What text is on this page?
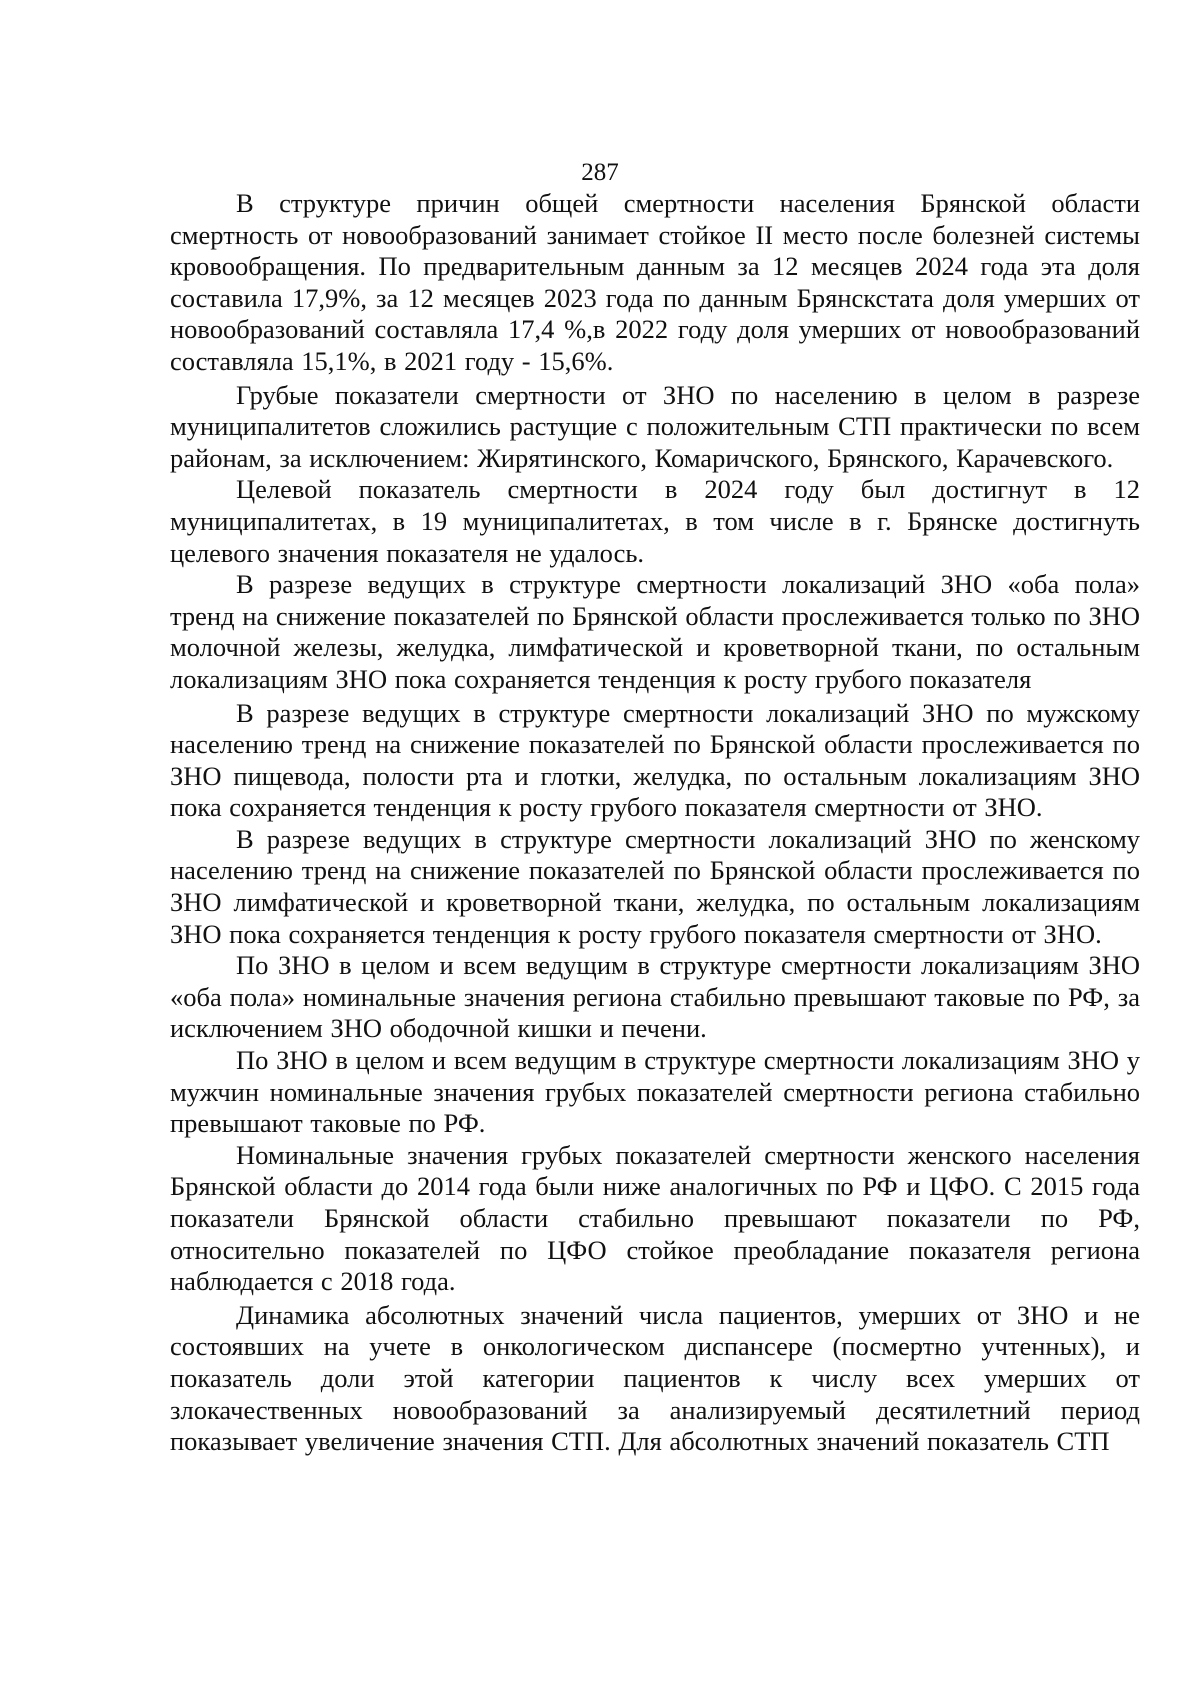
287

В структуре причин общей смертности населения Брянской области смертность от новообразований занимает стойкое II место после болезней системы кровообращения. По предварительным данным за 12 месяцев 2024 года эта доля составила 17,9%, за 12 месяцев 2023 года по данным Брянскстата доля умерших от новообразований составляла 17,4 %,в 2022 году доля умерших от новообразований составляла 15,1%, в 2021 году - 15,6%.

Грубые показатели смертности от ЗНО по населению в целом в разрезе муниципалитетов сложились растущие с положительным СТП практически по всем районам, за исключением: Жирятинского, Комаричского, Брянского, Карачевского.

Целевой показатель смертности в 2024 году был достигнут в 12 муниципалитетах, в 19 муниципалитетах, в том числе в г. Брянске достигнуть целевого значения показателя не удалось.

В разрезе ведущих в структуре смертности локализаций ЗНО «оба пола» тренд на снижение показателей по Брянской области прослеживается только по ЗНО молочной железы, желудка, лимфатической и кроветворной ткани, по остальным локализациям ЗНО пока сохраняется тенденция к росту грубого показателя

В разрезе ведущих в структуре смертности локализаций ЗНО по мужскому населению тренд на снижение показателей по Брянской области прослеживается по ЗНО пищевода, полости рта и глотки, желудка, по остальным локализациям ЗНО пока сохраняется тенденция к росту грубого показателя смертности от ЗНО.

В разрезе ведущих в структуре смертности локализаций ЗНО по женскому населению тренд на снижение показателей по Брянской области прослеживается по ЗНО лимфатической и кроветворной ткани, желудка, по остальным локализациям ЗНО пока сохраняется тенденция к росту грубого показателя смертности от ЗНО.

По ЗНО в целом и всем ведущим в структуре смертности локализациям ЗНО «оба пола» номинальные значения региона стабильно превышают таковые по РФ, за исключением ЗНО ободочной кишки и печени.

По ЗНО в целом и всем ведущим в структуре смертности локализациям ЗНО у мужчин номинальные значения грубых показателей смертности региона стабильно превышают таковые по РФ.

Номинальные значения грубых показателей смертности женского населения Брянской области до 2014 года были ниже аналогичных по РФ и ЦФО. С 2015 года показатели Брянской области стабильно превышают показатели по РФ, относительно показателей по ЦФО стойкое преобладание показателя региона наблюдается с 2018 года.

Динамика абсолютных значений числа пациентов, умерших от ЗНО и не состоявших на учете в онкологическом диспансере (посмертно учтенных), и показатель доли этой категории пациентов к числу всех умерших от злокачественных новообразований за анализируемый десятилетний период показывает увеличение значения СТП. Для абсолютных значений показатель СТП
